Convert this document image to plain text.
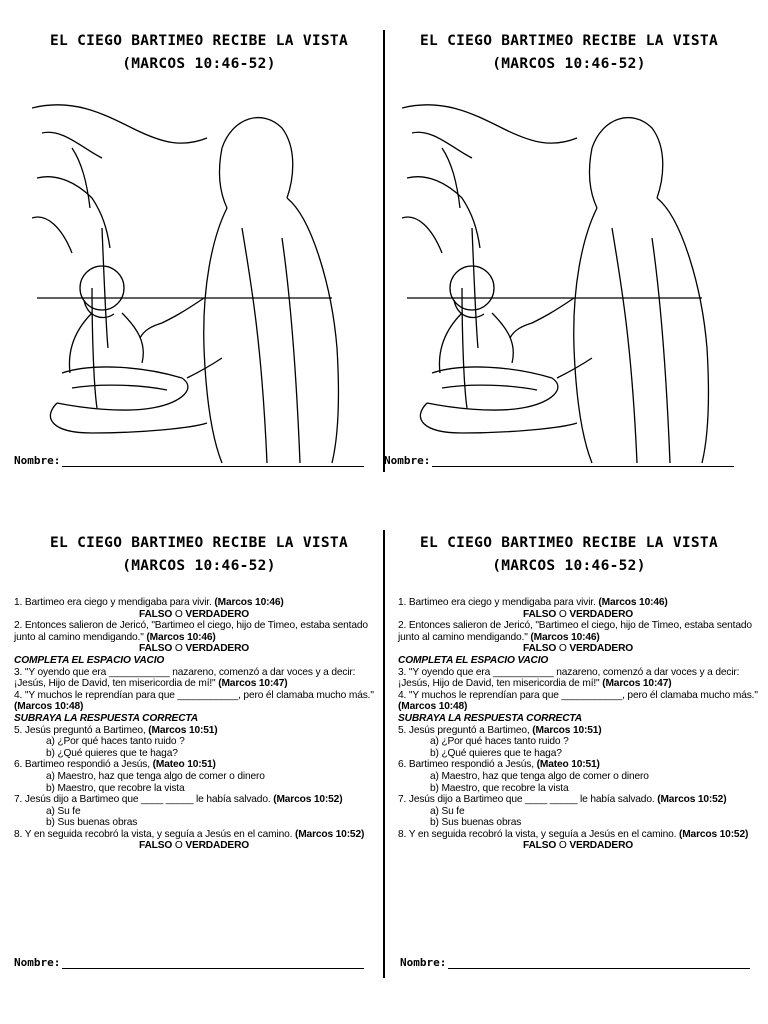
EL CIEGO BARTIMEO RECIBE LA VISTA
(MARCOS 10:46-52)
Nombre:
EL CIEGO BARTIMEO RECIBE LA VISTA
(MARCOS 10:46-52)
Nombre:
EL CIEGO BARTIMEO RECIBE LA VISTA
(MARCOS 10:46-52)

1. Bartimeo era ciego y mendigaba para vivir. (Marcos 10:46)

FALSO O VERDADERO

2. Entonces salieron de Jericó, "Bartimeo el ciego, hijo de Timeo, estaba sentado junto al camino mendigando." (Marcos 10:46)

FALSO O VERDADERO

COMPLETA EL ESPACIO VACIO

3. "Y oyendo que era ___________ nazareno, comenzó a dar voces y a decir: ¡Jesús, Hijo de David, ten misericordia de mí!" (Marcos 10:47)

4. "Y muchos le reprendían para que ___________, pero él clamaba mucho más." (Marcos 10:48)

SUBRAYA LA RESPUESTA CORRECTA

5. Jesús preguntó a Bartimeo, (Marcos 10:51)

a) ¿Por qué haces tanto ruido ?

b) ¿Qué quieres que te haga?

6. Bartimeo respondió a Jesús, (Mateo 10:51)

a) Maestro, haz que tenga algo de comer o dinero

b) Maestro, que recobre la vista

7. Jesús dijo a Bartimeo que ____ _____ le había salvado. (Marcos 10:52)

a) Su fe

b) Sus buenas obras

8. Y en seguida recobró la vista, y seguía a Jesús en el camino. (Marcos 10:52)

FALSO O VERDADERO

Nombre:
EL CIEGO BARTIMEO RECIBE LA VISTA
(MARCOS 10:46-52)

1. Bartimeo era ciego y mendigaba para vivir. (Marcos 10:46)

FALSO O VERDADERO

2. Entonces salieron de Jericó, "Bartimeo el ciego, hijo de Timeo, estaba sentado junto al camino mendigando." (Marcos 10:46)

FALSO O VERDADERO

COMPLETA EL ESPACIO VACIO

3. "Y oyendo que era ___________ nazareno, comenzó a dar voces y a decir: ¡Jesús, Hijo de David, ten misericordia de mí!" (Marcos 10:47)

4. "Y muchos le reprendían para que ___________, pero él clamaba mucho más." (Marcos 10:48)

SUBRAYA LA RESPUESTA CORRECTA

5. Jesús preguntó a Bartimeo, (Marcos 10:51)

a) ¿Por qué haces tanto ruido ?

b) ¿Qué quieres que te haga?

6. Bartimeo respondió a Jesús, (Mateo 10:51)

a) Maestro, haz que tenga algo de comer o dinero

b) Maestro, que recobre la vista

7. Jesús dijo a Bartimeo que ____ _____ le había salvado. (Marcos 10:52)

a) Su fe

b) Sus buenas obras

8. Y en seguida recobró la vista, y seguía a Jesús en el camino. (Marcos 10:52)

FALSO O VERDADERO

Nombre:
